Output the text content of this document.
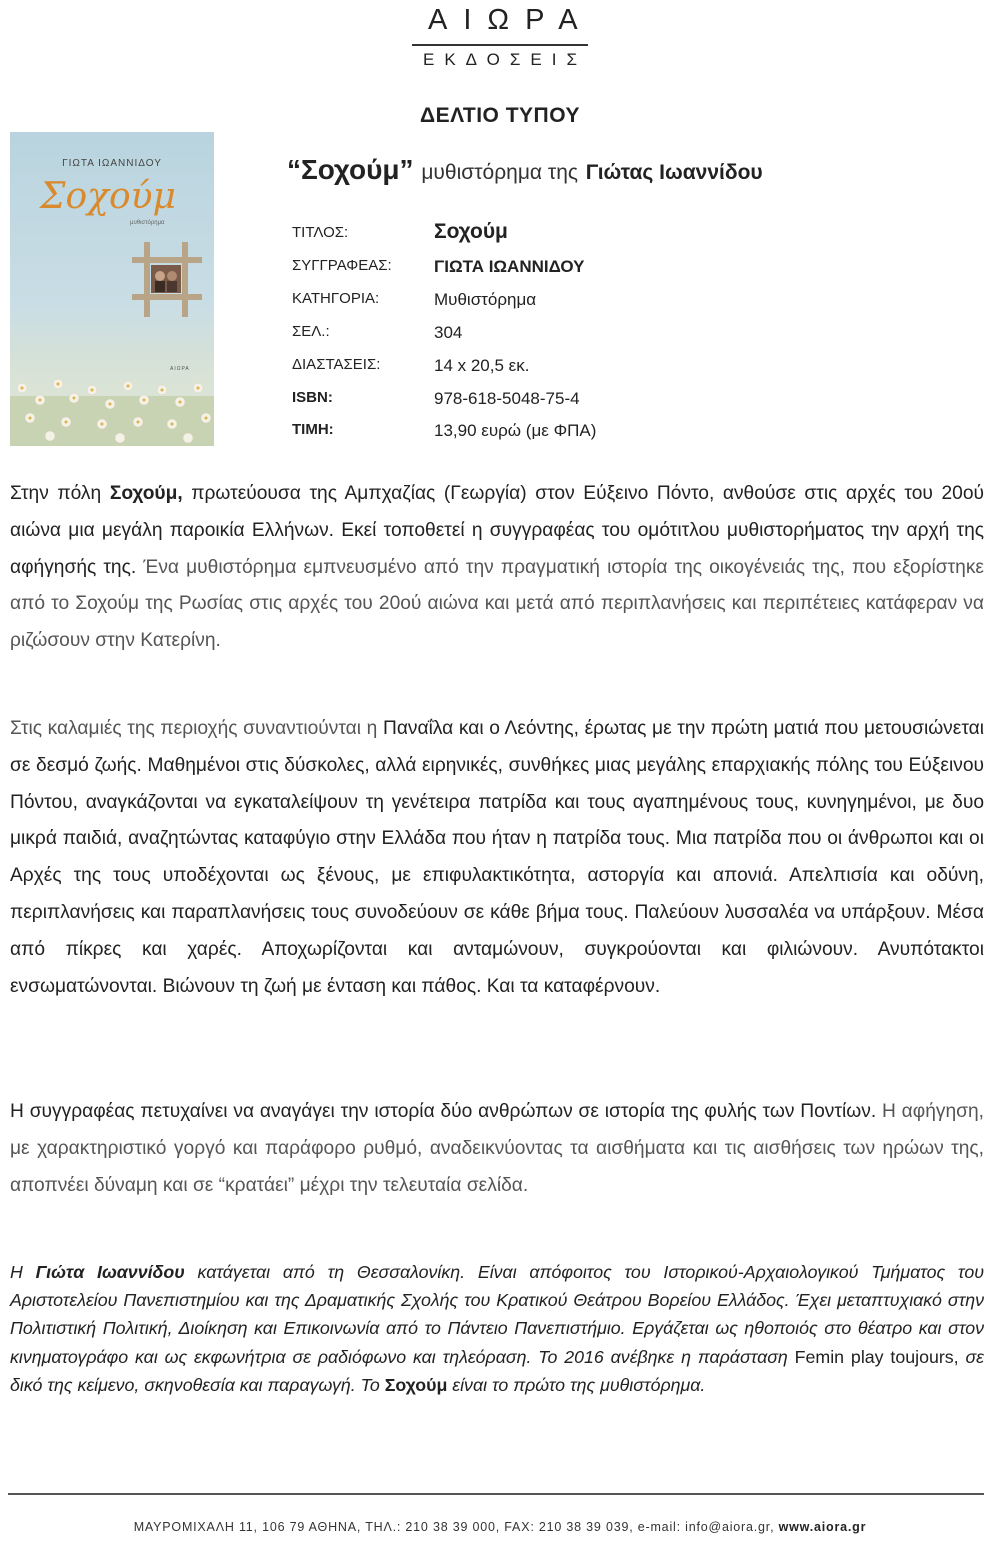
ΑΙΩΡΑ
ΕΚΔΟΣΕΙΣ
ΔΕΛΤΙΟ ΤΥΠΟΥ
ΓΙΩΤΑ ΙΩΑΝΝΙΔΟΥ
Σοχούμ
μυθιστόρημα
ΑΙΩΡΑ
“Σοχούμ” μυθιστόρημα της Γιώτας Ιωαννίδου
ΤΙΤΛΟΣ:	Σοχούμ
ΣΥΓΓΡΑΦΕΑΣ:	ΓΙΩΤΑ ΙΩΑΝΝΙΔΟΥ
ΚΑΤΗΓΟΡΙΑ:	Μυθιστόρημα
ΣΕΛ.:	304
ΔΙΑΣΤΑΣΕΙΣ:	14 x 20,5 εκ.
ISBN:	978-618-5048-75-4
ΤΙΜΗ:	13,90 ευρώ (με ΦΠΑ)

Στην πόλη Σοχούμ, πρωτεύουσα της Αμπχαζίας (Γεωργία) στον Εύξεινο Πόντο, ανθούσε στις αρχές του 20ού αιώνα μια μεγάλη παροικία Ελλήνων. Εκεί τοποθετεί η συγγραφέας του ομότιτλου μυθιστορήματος την αρχή της αφήγησής της. Ένα μυθιστόρημα εμπνευσμένο από την πραγματική ιστορία της οικογένειάς της, που εξορίστηκε από το Σοχούμ της Ρωσίας στις αρχές του 20ού αιώνα και μετά από περιπλανήσεις και περιπέτειες κατάφεραν να ριζώσουν στην Κατερίνη.

Στις καλαμιές της περιοχής συναντιούνται η Παναΐλα και ο Λεόντης, έρωτας με την πρώτη ματιά που μετουσιώνεται σε δεσμό ζωής. Μαθημένοι στις δύσκολες, αλλά ειρηνικές, συνθήκες μιας μεγάλης επαρχιακής πόλης του Εύξεινου Πόντου, αναγκάζονται να εγκαταλείψουν τη γενέτειρα πατρίδα και τους αγαπημένους τους, κυνηγημένοι, με δυο μικρά παιδιά, αναζητώντας καταφύγιο στην Ελλάδα που ήταν η πατρίδα τους. Μια πατρίδα που οι άνθρωποι και οι Αρχές της τους υποδέχονται ως ξένους, με επιφυλακτικότητα, αστοργία και απονιά. Απελπισία και οδύνη, περιπλανήσεις και παραπλανήσεις τους συνοδεύουν σε κάθε βήμα τους. Παλεύουν λυσσαλέα να υπάρξουν. Μέσα από πίκρες και χαρές. Αποχωρίζονται και ανταμώνουν, συγκρούονται και φιλιώνουν. Ανυπότακτοι ενσωματώνονται. Βιώνουν τη ζωή με ένταση και πάθος. Και τα καταφέρνουν.

Η συγγραφέας πετυχαίνει να αναγάγει την ιστορία δύο ανθρώπων σε ιστορία της φυλής των Ποντίων. Η αφήγηση, με χαρακτηριστικό γοργό και παράφορο ρυθμό, αναδεικνύοντας τα αισθήματα και τις αισθήσεις των ηρώων της, αποπνέει δύναμη και σε “κρατάει” μέχρι την τελευταία σελίδα.

Η Γιώτα Ιωαννίδου κατάγεται από τη Θεσσαλονίκη. Είναι απόφοιτος του Ιστορικού-Αρχαιολογικού Τμήματος του Αριστοτελείου Πανεπιστημίου και της Δραματικής Σχολής του Κρατικού Θεάτρου Βορείου Ελλάδος. Έχει μεταπτυχιακό στην Πολιτιστική Πολιτική, Διοίκηση και Επικοινωνία από το Πάντειο Πανεπιστήμιο. Εργάζεται ως ηθοποιός στο θέατρο και στον κινηματογράφο και ως εκφωνήτρια σε ραδιόφωνο και τηλεόραση. Το 2016 ανέβηκε η παράσταση Femin play toujours, σε δικό της κείμενο, σκηνοθεσία και παραγωγή. Το Σοχούμ είναι το πρώτο της μυθιστόρημα.

ΜΑΥΡΟΜΙΧΑΛΗ 11, 106 79 ΑΘΗΝΑ, ΤΗΛ.: 210 38 39 000, FAX: 210 38 39 039, e-mail: info@aiora.gr, www.aiora.gr
